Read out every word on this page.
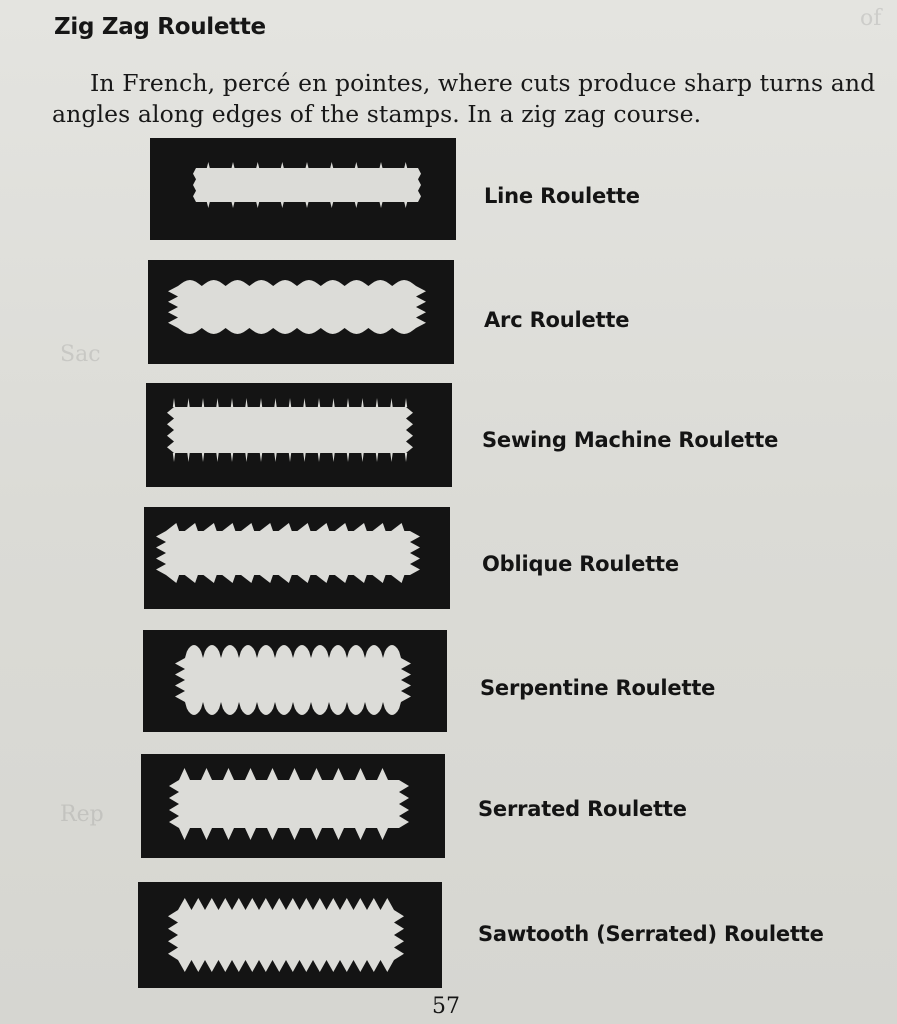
of
Sac
Rep
Zig Zag Roulette

In French, percé en pointes, where cuts produce sharp turns and angles along edges of the stamps. In a zig zag course.

Line Roulette
Arc Roulette
Sewing Machine Roulette
Oblique Roulette
Serpentine Roulette
Serrated Roulette
Sawtooth (Serrated) Roulette
57
